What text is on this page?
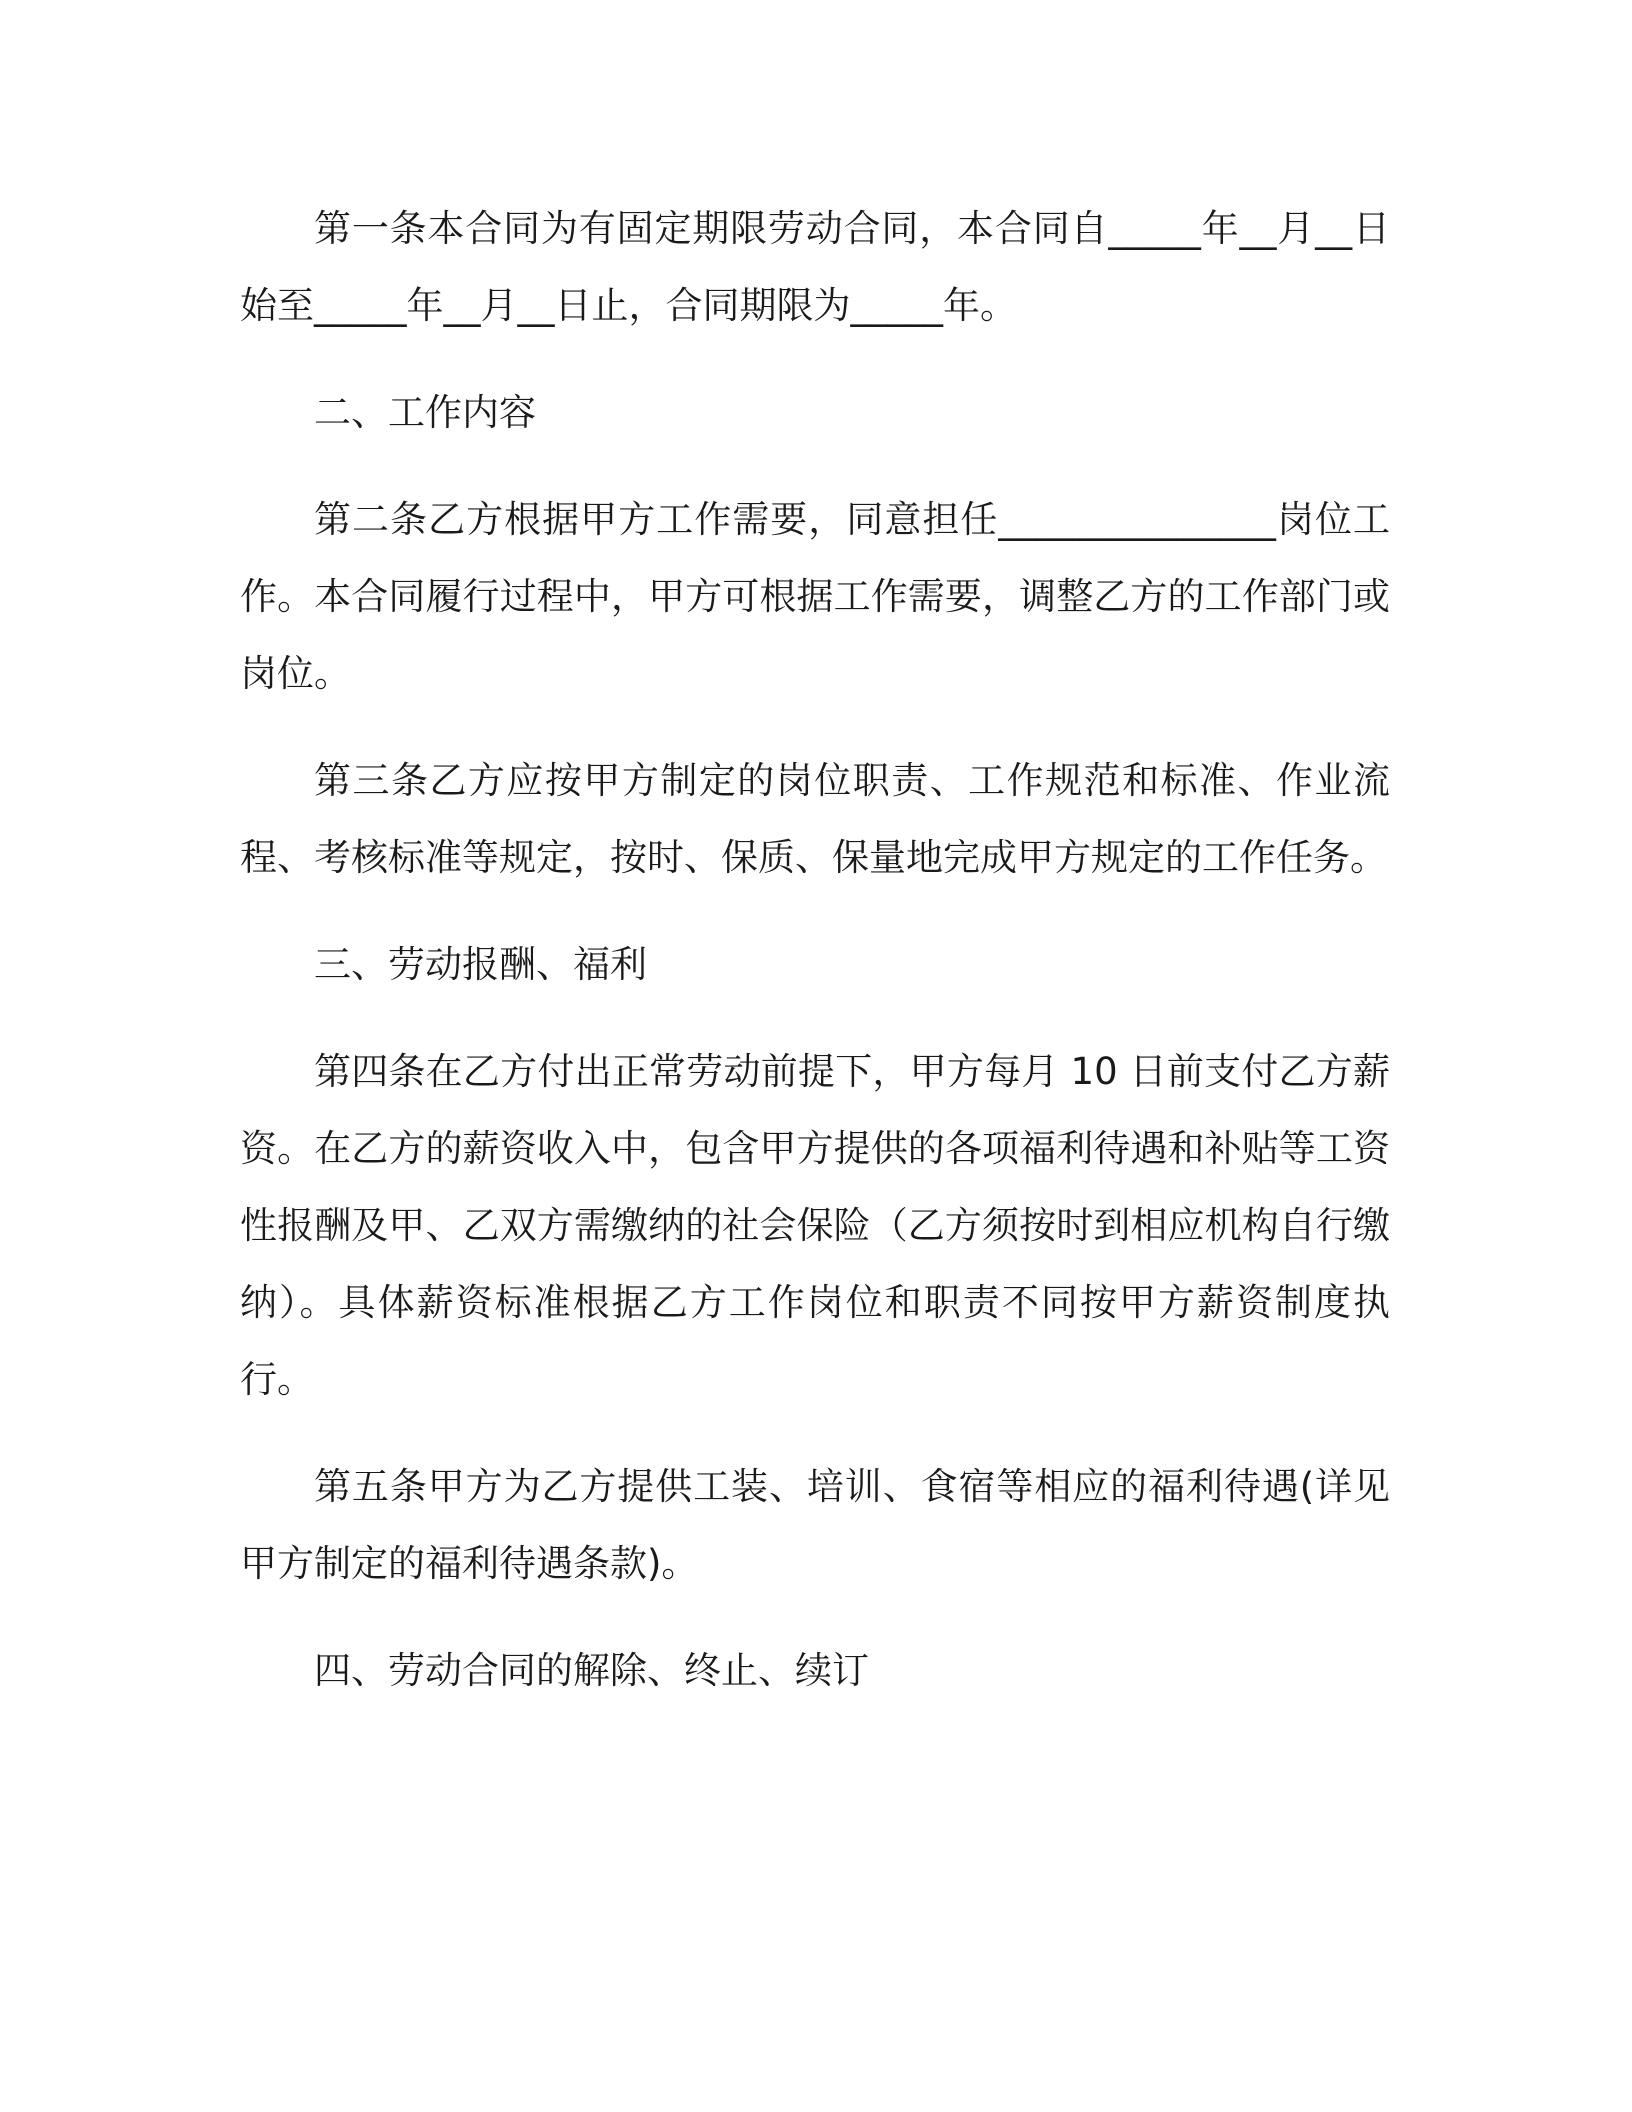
第一条本合同为有固定期限劳动合同，本合同自_____年__月__日始至_____年__月__日止，合同期限为_____年。

二、工作内容

第二条乙方根据甲方工作需要，同意担任_______________岗位工作。本合同履行过程中，甲方可根据工作需要，调整乙方的工作部门或岗位。

第三条乙方应按甲方制定的岗位职责、工作规范和标准、作业流程、考核标准等规定，按时、保质、保量地完成甲方规定的工作任务。

三、劳动报酬、福利

第四条在乙方付出正常劳动前提下，甲方每月 10 日前支付乙方薪资。在乙方的薪资收入中，包含甲方提供的各项福利待遇和补贴等工资性报酬及甲、乙双方需缴纳的社会保险（乙方须按时到相应机构自行缴纳）。具体薪资标准根据乙方工作岗位和职责不同按甲方薪资制度执行。

第五条甲方为乙方提供工装、培训、食宿等相应的福利待遇(详见甲方制定的福利待遇条款)。

四、劳动合同的解除、终止、续订
